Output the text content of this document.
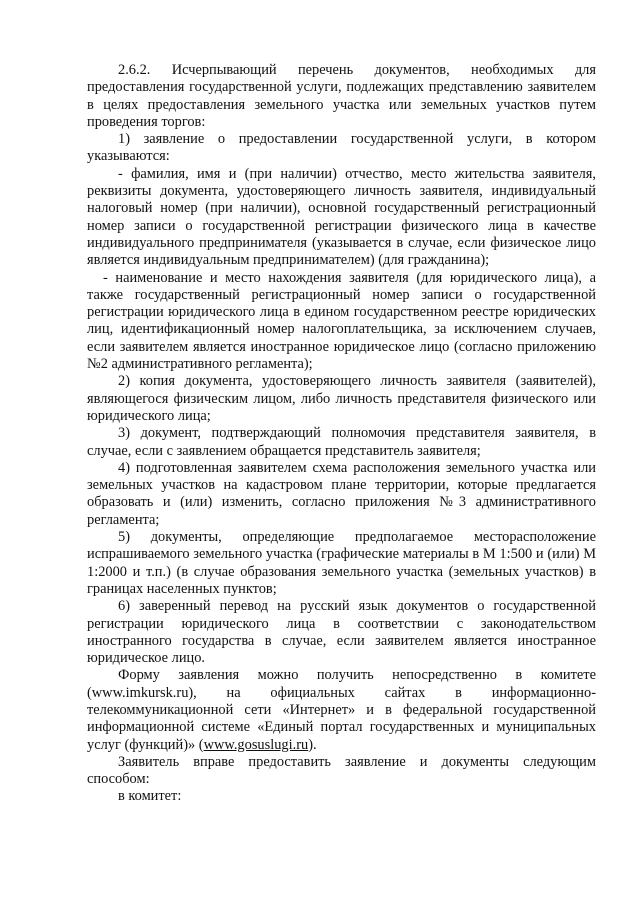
2.6.2. Исчерпывающий перечень документов, необходимых для предоставления государственной услуги, подлежащих представлению заявителем в целях предоставления земельного участка или земельных участков путем проведения торгов:

1) заявление о предоставлении государственной услуги, в котором указываются:

- фамилия, имя и (при наличии) отчество, место жительства заявителя, реквизиты документа, удостоверяющего личность заявителя, индивидуальный налоговый номер (при наличии), основной государственный регистрационный номер записи о государственной регистрации физического лица в качестве индивидуального предпринимателя (указывается в случае, если физическое лицо является индивидуальным предпринимателем) (для гражданина);

- наименование и место нахождения заявителя (для юридического лица), а также государственный регистрационный номер записи о государственной регистрации юридического лица в едином государственном реестре юридических лиц, идентификационный номер налогоплательщика, за исключением случаев, если заявителем является иностранное юридическое лицо (согласно приложению №2 административного регламента);

2) копия документа, удостоверяющего личность заявителя (заявителей), являющегося физическим лицом, либо личность представителя физического или юридического лица;

3) документ, подтверждающий полномочия представителя заявителя, в случае, если с заявлением обращается представитель заявителя;

4) подготовленная заявителем схема расположения земельного участка или земельных участков на кадастровом плане территории, которые предлагается образовать и (или) изменить, согласно приложения №3 административного регламента;

5) документы, определяющие предполагаемое месторасположение испрашиваемого земельного участка (графические материалы в М 1:500 и (или) М 1:2000 и т.п.) (в случае образования земельного участка (земельных участков) в границах населенных пунктов;

6) заверенный перевод на русский язык документов о государственной регистрации юридического лица в соответствии с законодательством иностранного государства в случае, если заявителем является иностранное юридическое лицо.

Форму заявления можно получить непосредственно в комитете (www.imkursk.ru), на официальных сайтах в информационно-телекоммуникационной сети «Интернет» и в федеральной государственной информационной системе «Единый портал государственных и муниципальных услуг (функций)» (www.gosuslugi.ru).

Заявитель вправе предоставить заявление и документы следующим способом:

в комитет:
